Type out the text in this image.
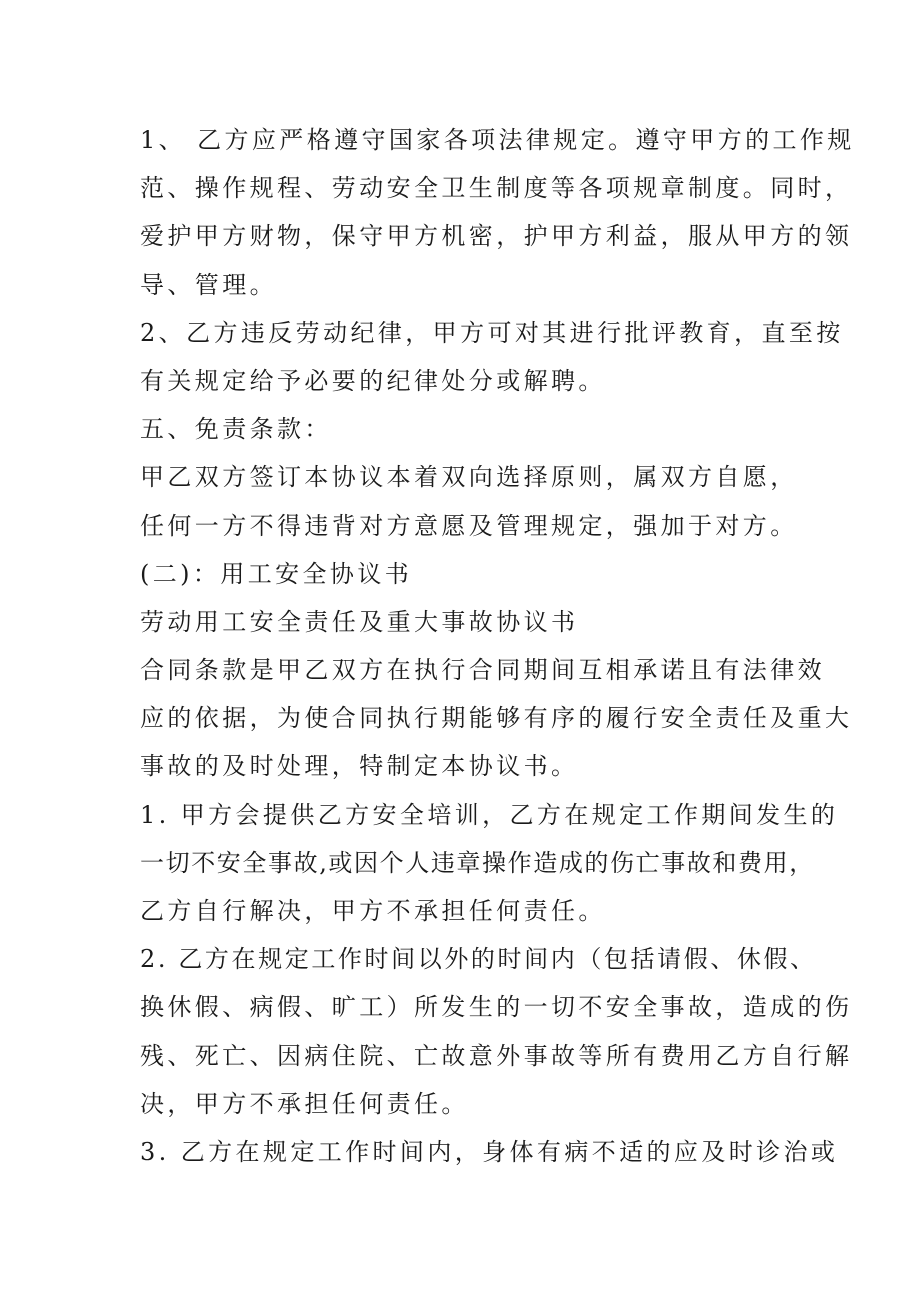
1、 乙方应严格遵守国家各项法律规定。遵守甲方的工作规
范、操作规程、劳动安全卫生制度等各项规章制度。同时，
爱护甲方财物，保守甲方机密，护甲方利益，服从甲方的领
导、管理。
2、乙方违反劳动纪律，甲方可对其进行批评教育，直至按
有关规定给予必要的纪律处分或解聘。
五、免责条款：
甲乙双方签订本协议本着双向选择原则，属双方自愿，
任何一方不得违背对方意愿及管理规定，强加于对方。
(二)：用工安全协议书
劳动用工安全责任及重大事故协议书
合同条款是甲乙双方在执行合同期间互相承诺且有法律效
应的依据，为使合同执行期能够有序的履行安全责任及重大
事故的及时处理，特制定本协议书。
1. 甲方会提供乙方安全培训，乙方在规定工作期间发生的
一切不安全事故,或因个人违章操作造成的伤亡事故和费用，
乙方自行解决，甲方不承担任何责任。
2. 乙方在规定工作时间以外的时间内（包括请假、休假、
换休假、病假、旷工）所发生的一切不安全事故，造成的伤
残、死亡、因病住院、亡故意外事故等所有费用乙方自行解
决，甲方不承担任何责任。
3. 乙方在规定工作时间内，身体有病不适的应及时诊治或
